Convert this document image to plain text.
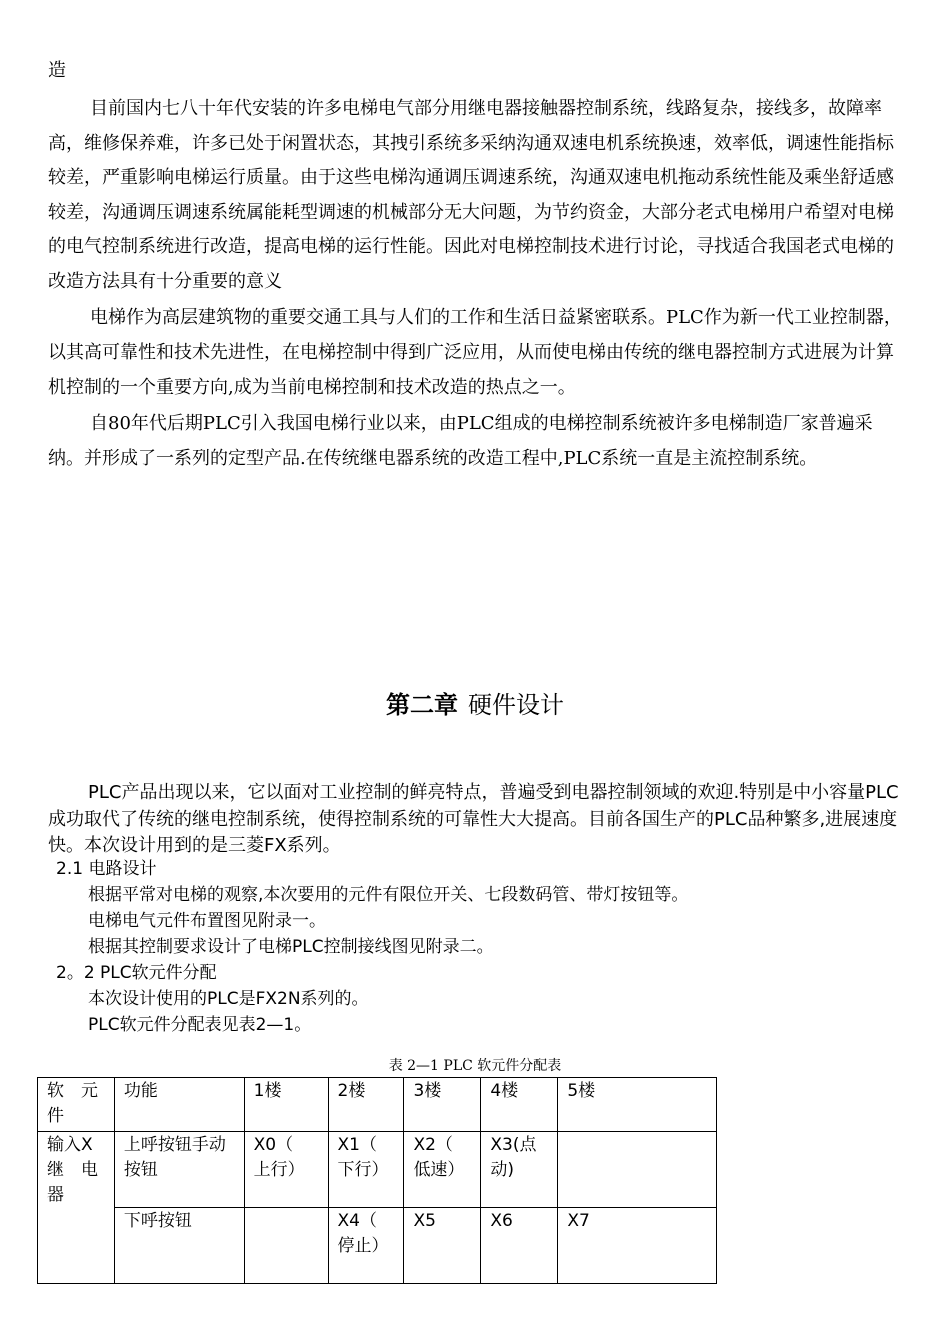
造

目前国内七八十年代安装的许多电梯电气部分用继电器接触器控制系统，线路复杂，接线多，故障率高，维修保养难，许多已处于闲置状态，其拽引系统多采纳沟通双速电机系统换速，效率低，调速性能指标较差，严重影响电梯运行质量。由于这些电梯沟通调压调速系统，沟通双速电机拖动系统性能及乘坐舒适感较差，沟通调压调速系统属能耗型调速的机械部分无大问题，为节约资金，大部分老式电梯用户希望对电梯的电气控制系统进行改造，提高电梯的运行性能。因此对电梯控制技术进行讨论，寻找适合我国老式电梯的改造方法具有十分重要的意义

电梯作为高层建筑物的重要交通工具与人们的工作和生活日益紧密联系。PLC作为新一代工业控制器，以其高可靠性和技术先进性，在电梯控制中得到广泛应用，从而使电梯由传统的继电器控制方式进展为计算机控制的一个重要方向,成为当前电梯控制和技术改造的热点之一。

自80年代后期PLC引入我国电梯行业以来，由PLC组成的电梯控制系统被许多电梯制造厂家普遍采纳。并形成了一系列的定型产品.在传统继电器系统的改造工程中,PLC系统一直是主流控制系统。

第二章 硬件设计

PLC产品出现以来，它以面对工业控制的鲜亮特点，普遍受到电器控制领域的欢迎.特别是中小容量PLC成功取代了传统的继电控制系统，使得控制系统的可靠性大大提高。目前各国生产的PLC品种繁多,进展速度快。本次设计用到的是三菱FX系列。

2.1 电路设计

根据平常对电梯的观察,本次要用的元件有限位开关、七段数码管、带灯按钮等。

电梯电气元件布置图见附录一。

根据其控制要求设计了电梯PLC控制接线图见附录二。

2。2 PLC软元件分配

本次设计使用的PLC是FX2N系列的。

PLC软元件分配表见表2—1。

表 2—1 PLC 软元件分配表
软　元件	功能	1楼	2楼	3楼	4楼	5楼
输入X继　电器	上呼按钮手动按钮	X0（　上行）	X1（　下行）	X2（　低速）	X3(点动)	
	下呼按钮		X4（　停止）	X5	X6	X7
